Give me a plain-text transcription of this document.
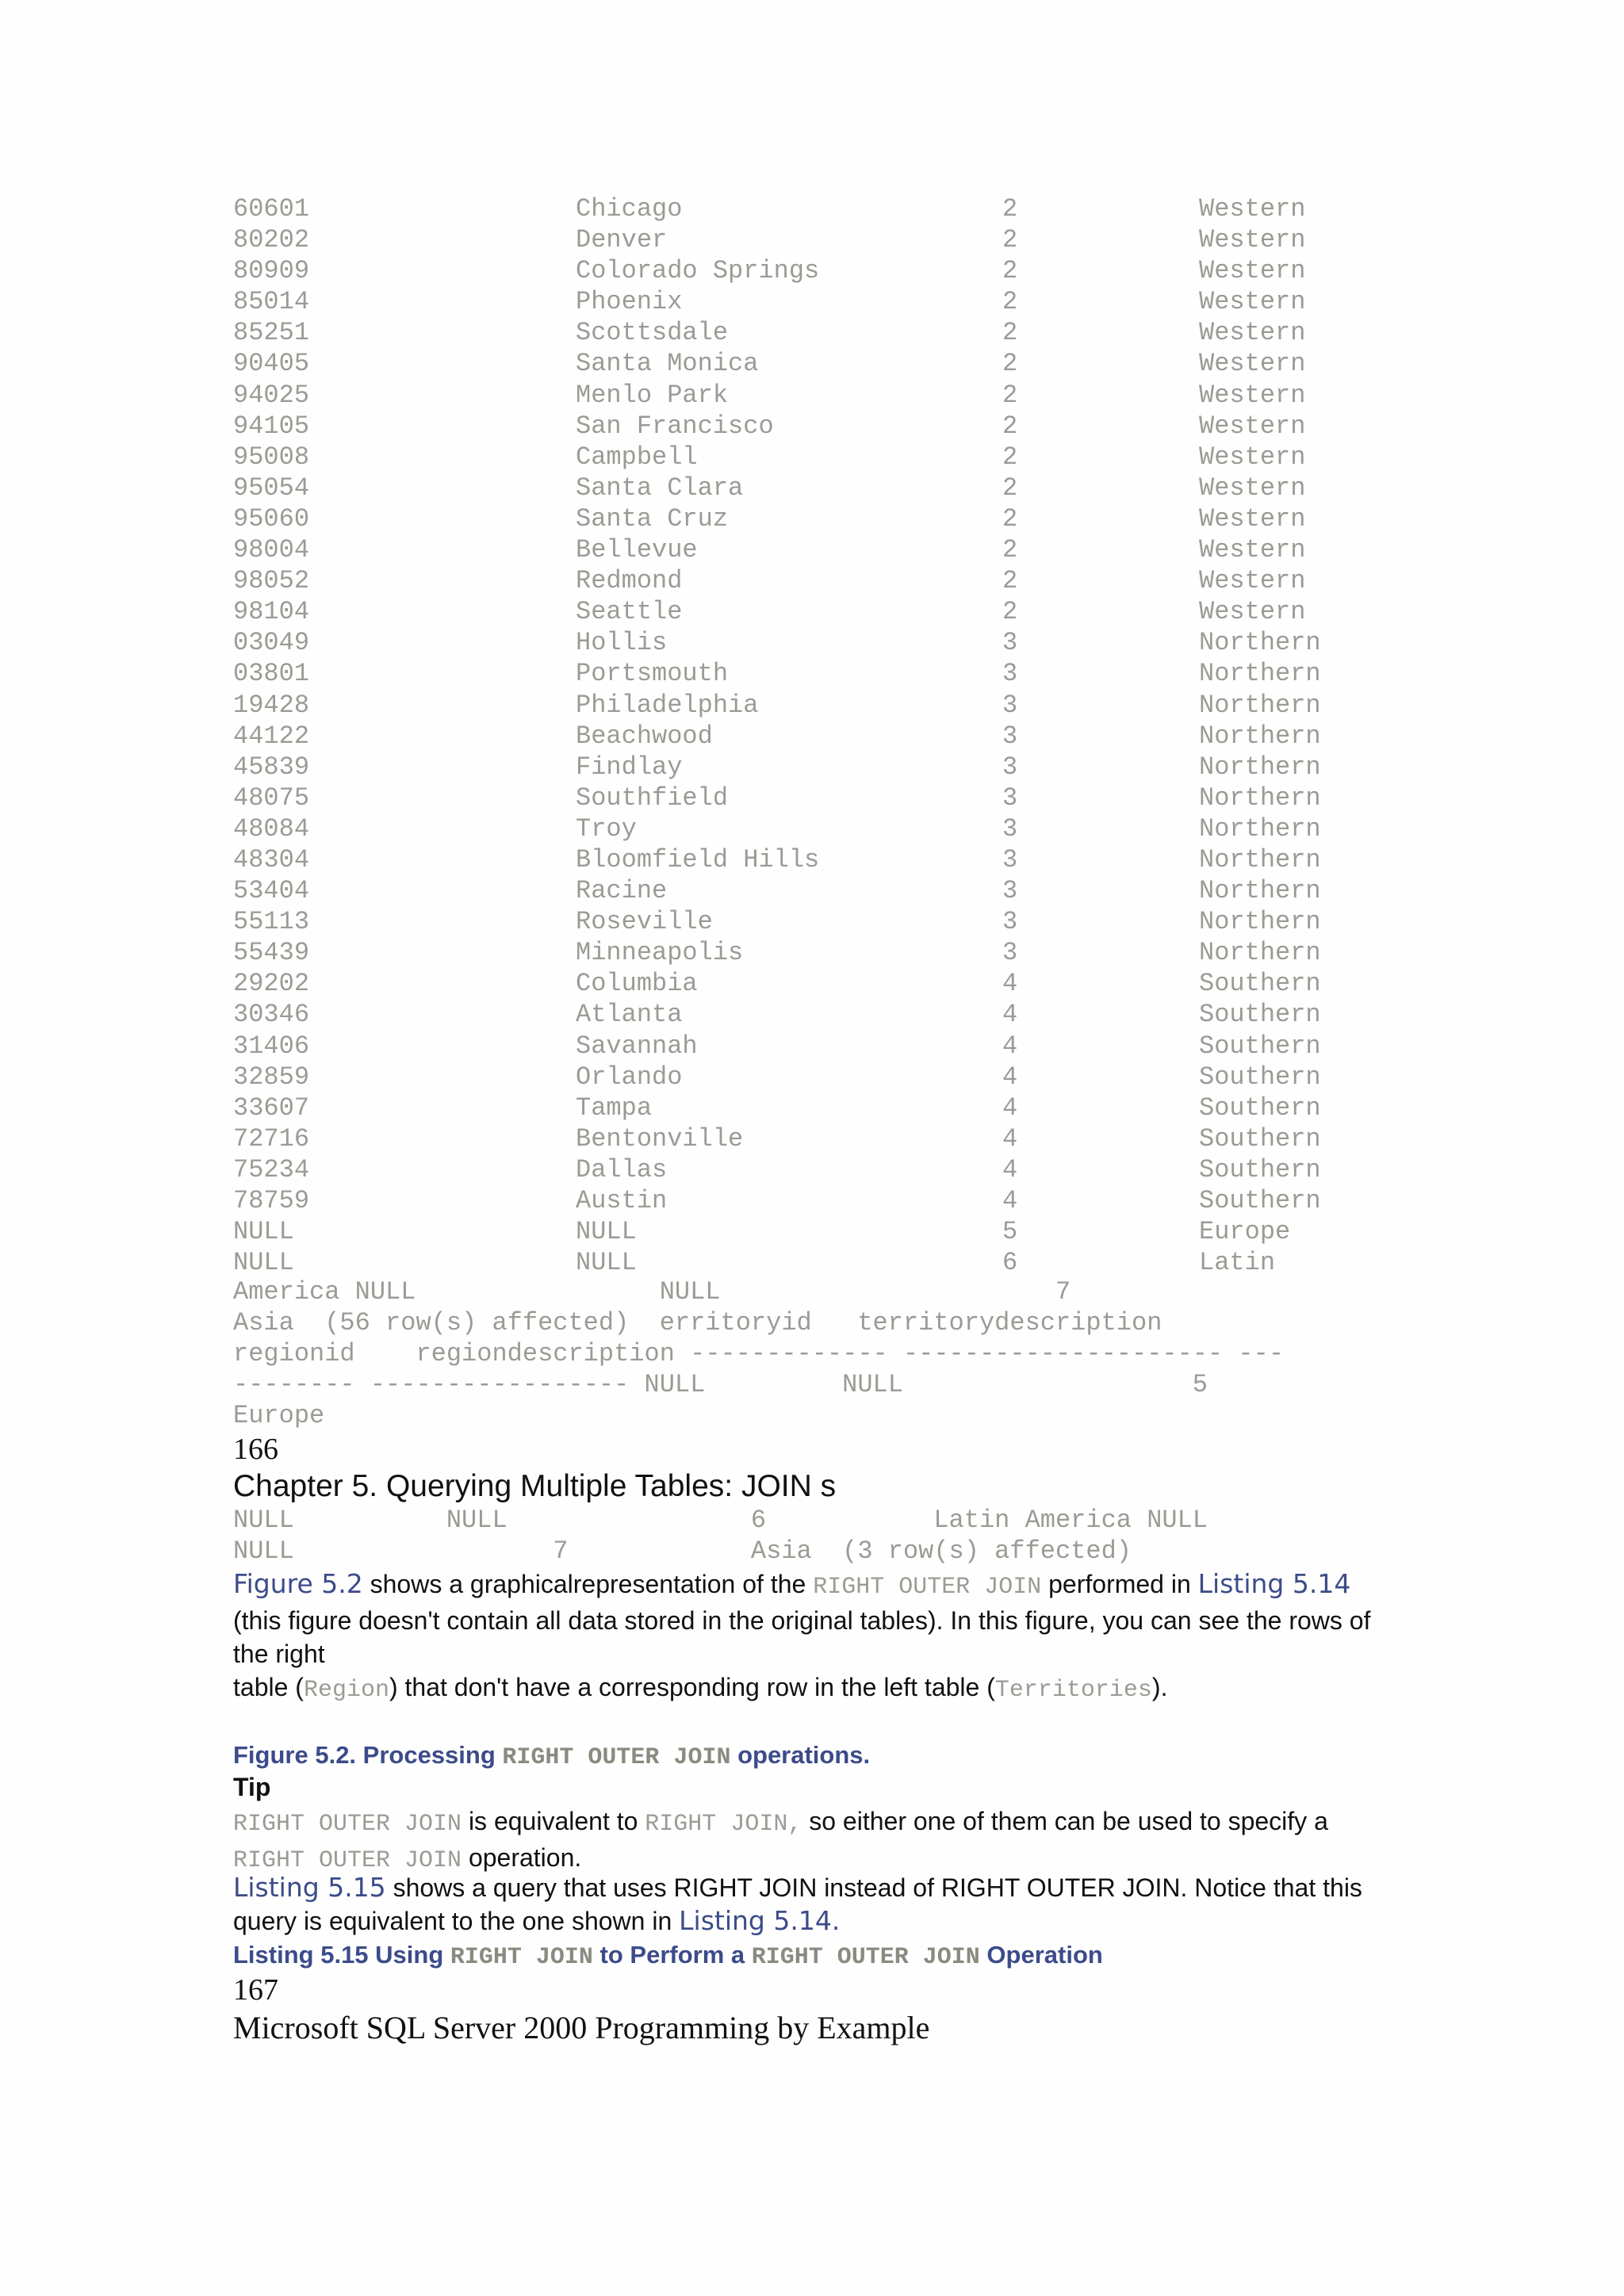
60601	Chicago	2	Western
80202	Denver	2	Western
80909	Colorado Springs	2	Western
85014	Phoenix	2	Western
85251	Scottsdale	2	Western
90405	Santa Monica	2	Western
94025	Menlo Park	2	Western
94105	San Francisco	2	Western
95008	Campbell	2	Western
95054	Santa Clara	2	Western
95060	Santa Cruz	2	Western
98004	Bellevue	2	Western
98052	Redmond	2	Western
98104	Seattle	2	Western
03049	Hollis	3	Northern
03801	Portsmouth	3	Northern
19428	Philadelphia	3	Northern
44122	Beachwood	3	Northern
45839	Findlay	3	Northern
48075	Southfield	3	Northern
48084	Troy	3	Northern
48304	Bloomfield Hills	3	Northern
53404	Racine	3	Northern
55113	Roseville	3	Northern
55439	Minneapolis	3	Northern
29202	Columbia	4	Southern
30346	Atlanta	4	Southern
31406	Savannah	4	Southern
32859	Orlando	4	Southern
33607	Tampa	4	Southern
72716	Bentonville	4	Southern
75234	Dallas	4	Southern
78759	Austin	4	Southern
NULL	NULL	5	Europe
NULL	NULL	6	Latin
America NULL                NULL                      7
Asia  (56 row(s) affected)  erritoryid   territorydescription
regionid    regiondescription ------------- --------------------- ---
-------- ----------------- NULL         NULL                   5
Europe
166
Chapter 5. Querying Multiple Tables: JOIN s
NULL          NULL                6           Latin America NULL
NULL                 7            Asia  (3 row(s) affected)
Figure 5.2 shows a graphicalrepresentation of the RIGHT OUTER JOIN performed in Listing 5.14 (this figure doesn't contain all data stored in the original tables). In this figure, you can see the rows of the right
table (Region) that don't have a corresponding row in the left table (Territories).
Figure 5.2. Processing RIGHT OUTER JOIN operations.
Tip
RIGHT OUTER JOIN is equivalent to RIGHT JOIN, so either one of them can be used to specify a RIGHT OUTER JOIN operation.
Listing 5.15 shows a query that uses RIGHT JOIN instead of RIGHT OUTER JOIN. Notice that this query is equivalent to the one shown in Listing 5.14.
Listing 5.15 Using RIGHT JOIN to Perform a RIGHT OUTER JOIN Operation
167
Microsoft SQL Server 2000 Programming by Example
